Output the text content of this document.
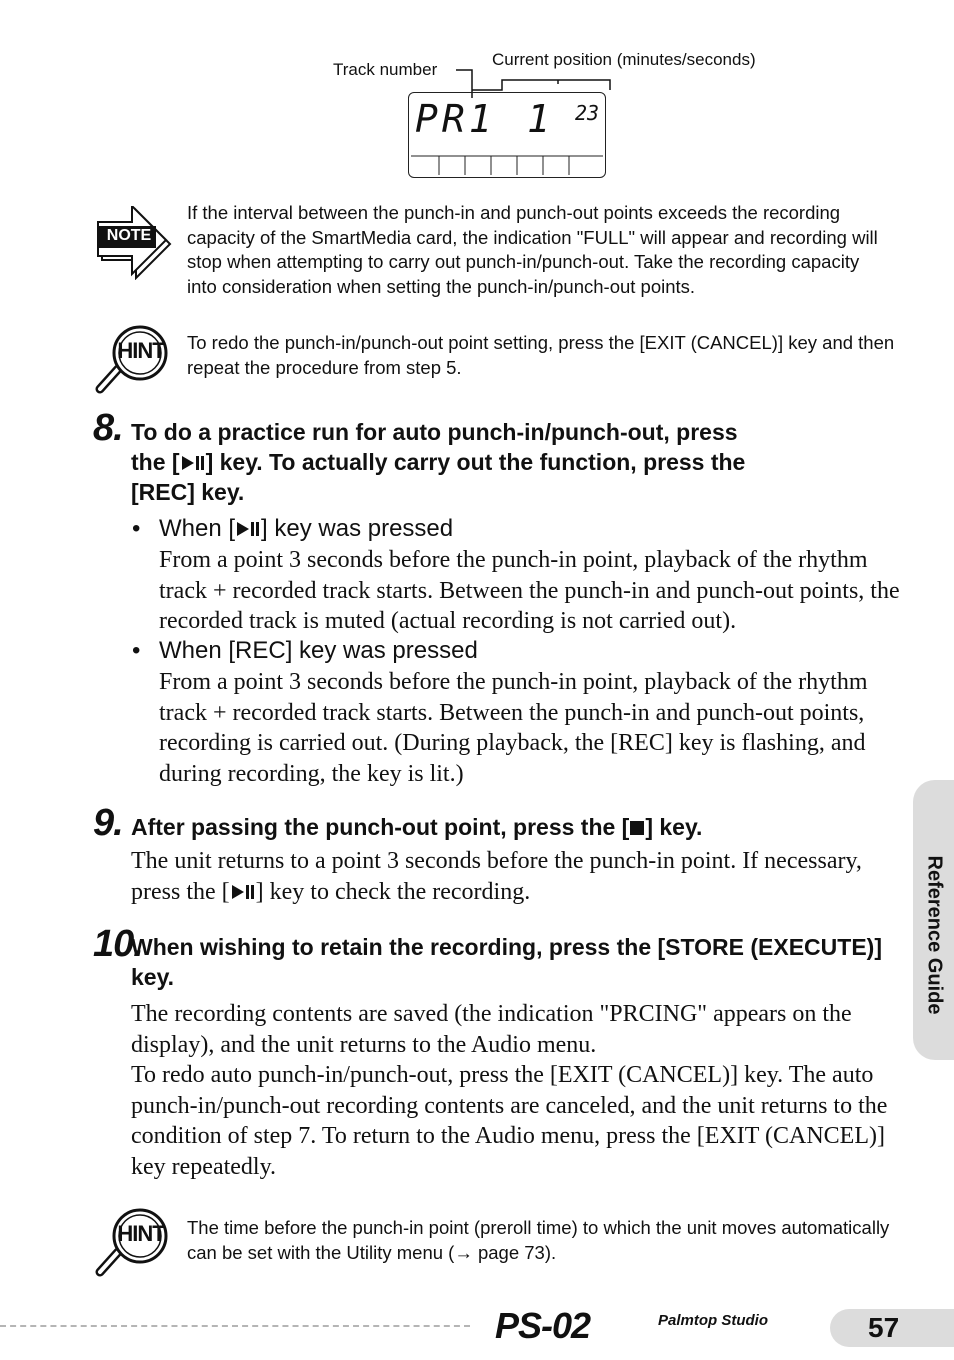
Track number
Current position (minutes/seconds)
PR1 1 23
NOTE
If the interval between the punch-in and punch-out points exceeds the recording capacity of the SmartMedia card, the indication "FULL" will appear and recording will stop when attempting to carry out punch-in/punch-out. Take the recording capacity into consideration when setting the punch-in/punch-out points.
HINT To redo the punch-in/punch-out point setting, press the [EXIT (CANCEL)] key and then repeat the procedure from step 5.
8. To do a practice run for auto punch-in/punch-out, press
the [ ] key. To actually carry out the function, press the
[REC] key.
• When [ ] key was pressed
From a point 3 seconds before the punch-in point, playback of the rhythm track + recorded track starts. Between the punch-in and punch-out points, the recorded track is muted (actual recording is not carried out).
• When [REC] key was pressed
From a point 3 seconds before the punch-in point, playback of the rhythm track + recorded track starts. Between the punch-in and punch-out points, recording is carried out. (During playback, the [REC] key is flashing, and during recording, the key is lit.)
9. After passing the punch-out point, press the [ ] key.
The unit returns to a point 3 seconds before the punch-in point. If necessary, press the [ ] key to check the recording.
10.
When wishing to retain the recording, press the [STORE (EXECUTE)] key.
The recording contents are saved (the indication "PRCING" appears on the display), and the unit returns to the Audio menu.
To redo auto punch-in/punch-out, press the [EXIT (CANCEL)] key. The auto punch-in/punch-out recording contents are canceled, and the unit returns to the condition of step 7. To return to the Audio menu, press the [EXIT (CANCEL)] key repeatedly.
HINT The time before the punch-in point (preroll time) to which the unit moves automatically can be set with the Utility menu (→ page 73).
Reference Guide
PS-02	Palmtop Studio	57
